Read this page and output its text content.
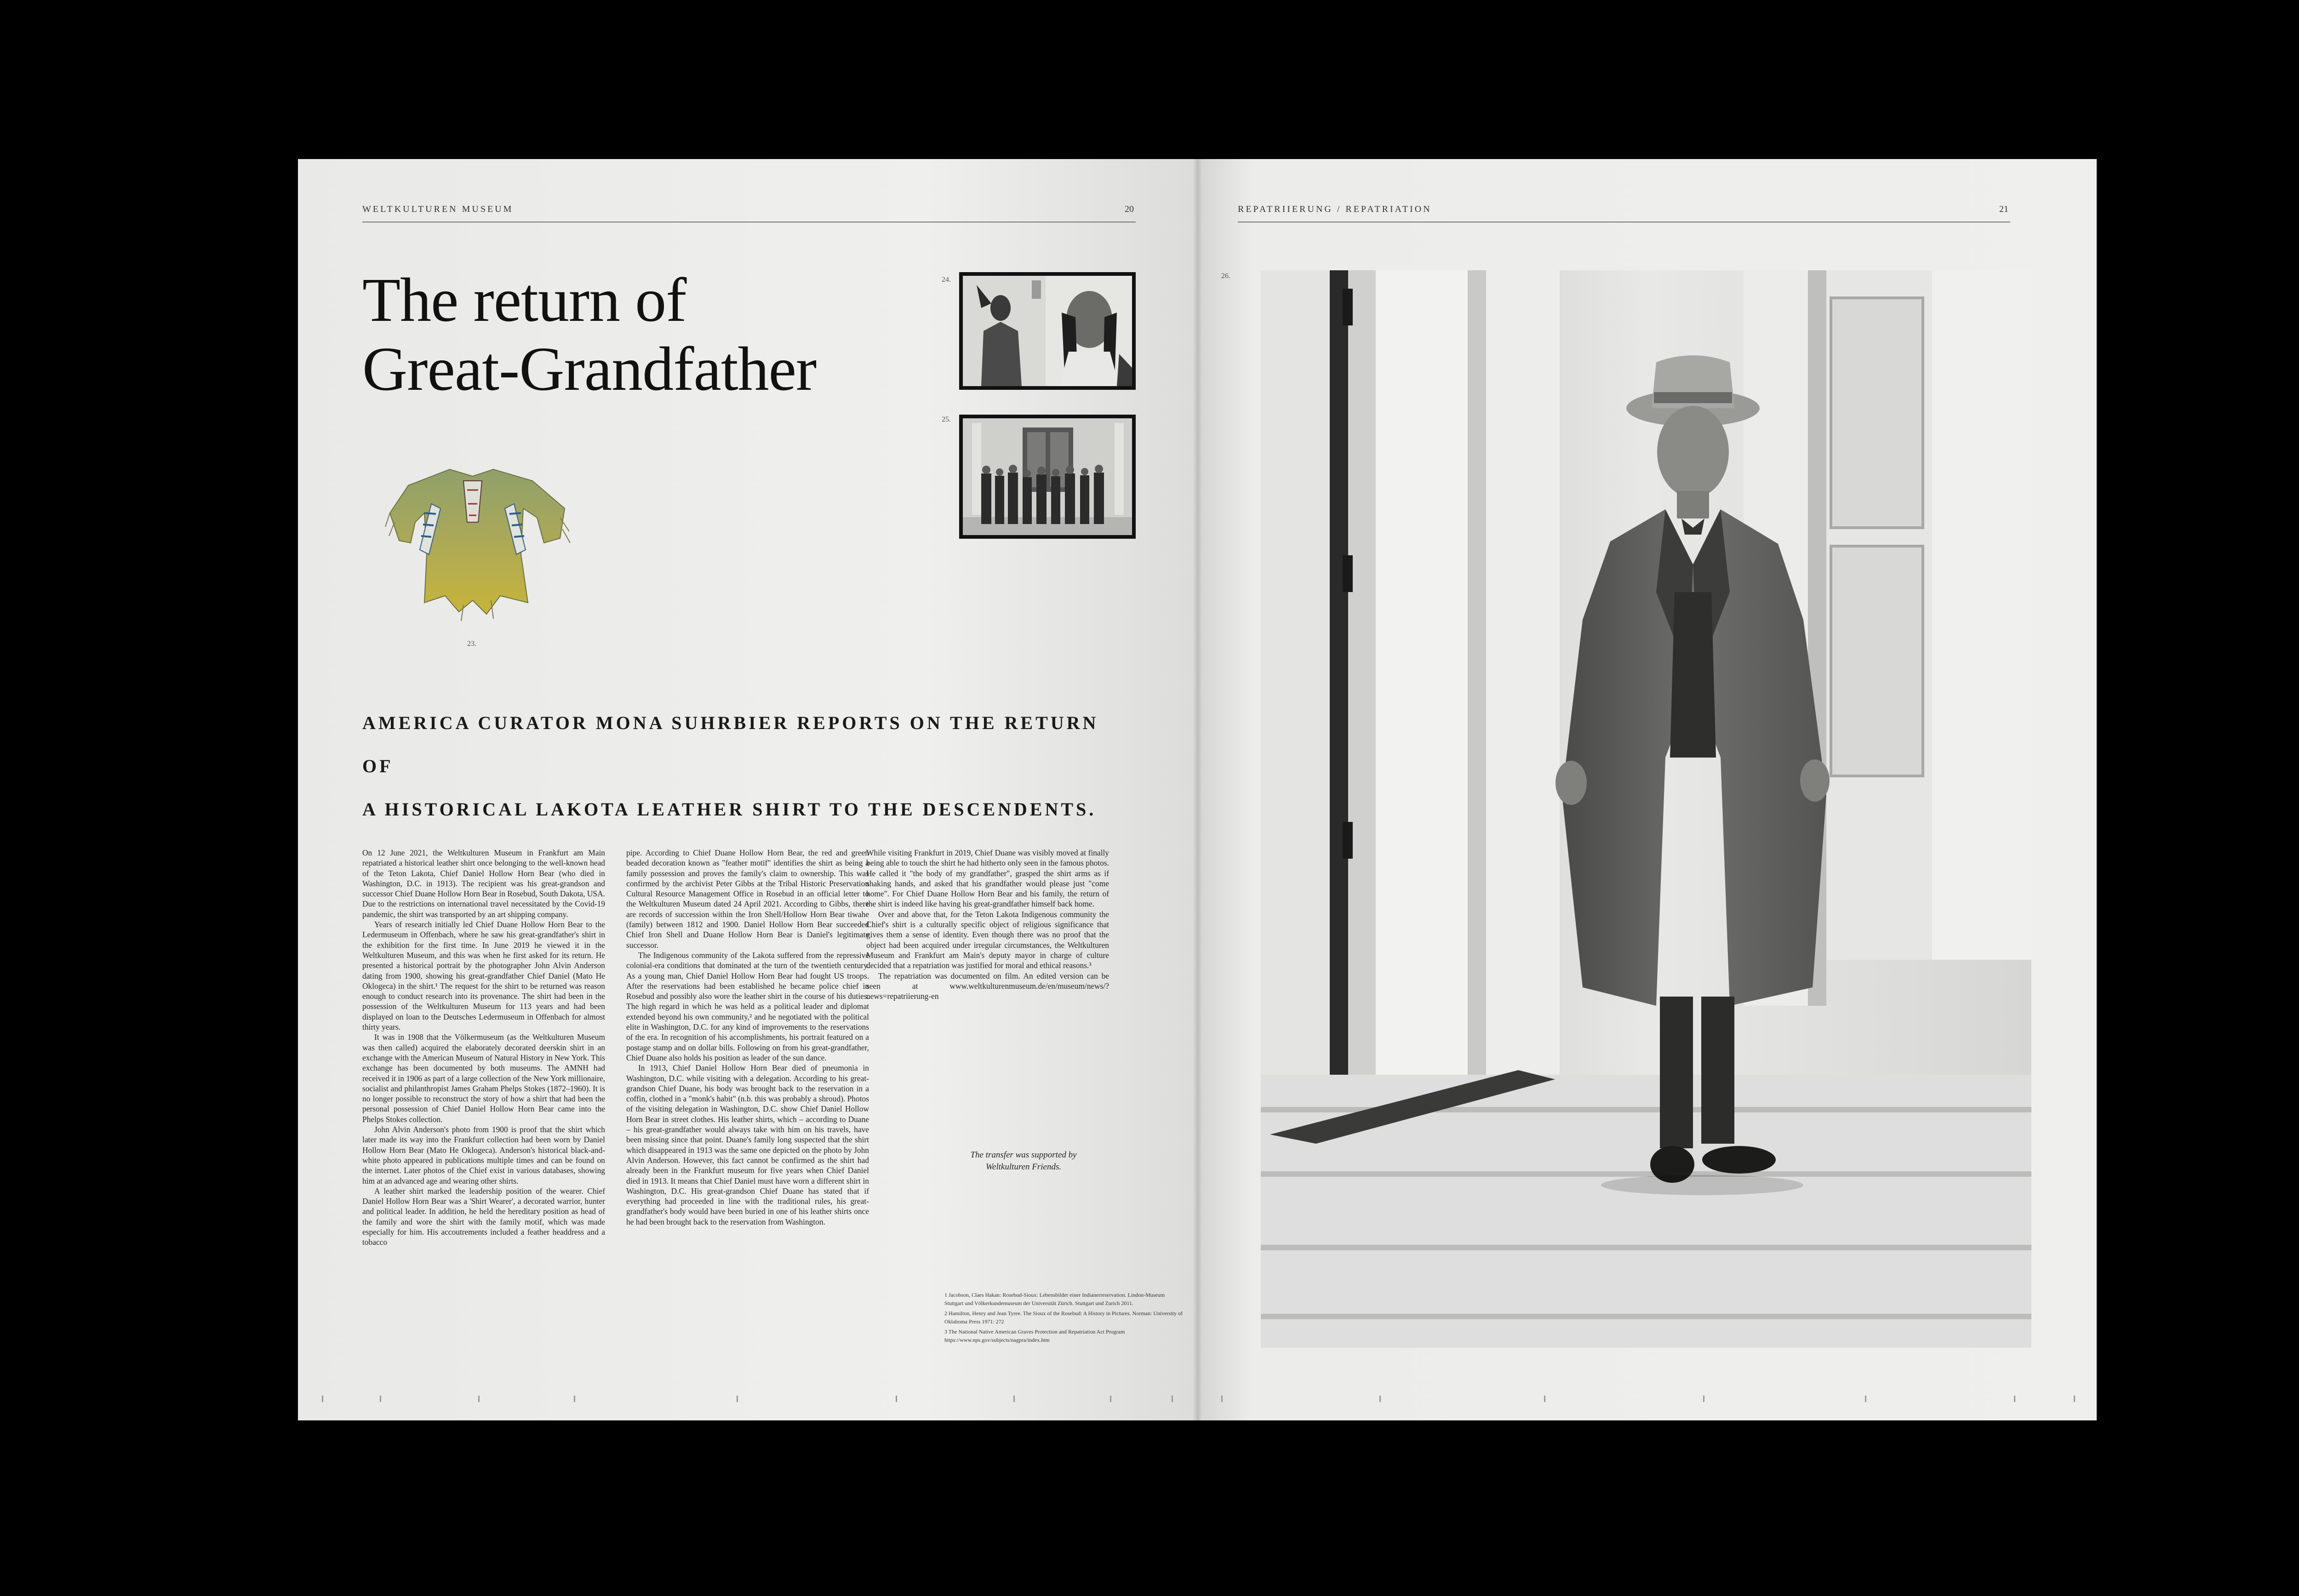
WELTKULTUREN MUSEUM	20
The return of
Great-Grandfather
23.
24.
25.
AMERICA CURATOR MONA SUHRBIER REPORTS ON THE RETURN OF
A HISTORICAL LAKOTA LEATHER SHIRT TO THE DESCENDENTS.

On 12 June 2021, the Weltkulturen Museum in Frankfurt am Main repatriated a historical leather shirt once belonging to the well-known head of the Teton Lakota, Chief Daniel Hollow Horn Bear (who died in Washington, D.C. in 1913). The recipient was his great-grandson and successor Chief Duane Hollow Horn Bear in Rosebud, South Dakota, USA. Due to the restrictions on international travel necessitated by the Covid-19 pandemic, the shirt was transported by an art shipping company.

Years of research initially led Chief Duane Hollow Horn Bear to the Ledermuseum in Offenbach, where he saw his great-grandfather's shirt in the exhibition for the first time. In June 2019 he viewed it in the Weltkulturen Museum, and this was when he first asked for its return. He presented a historical portrait by the photographer John Alvin Anderson dating from 1900, showing his great-grandfather Chief Daniel (Mato He Oklogeca) in the shirt.¹ The request for the shirt to be returned was reason enough to conduct research into its provenance. The shirt had been in the possession of the Weltkulturen Museum for 113 years and had been displayed on loan to the Deutsches Ledermuseum in Offenbach for almost thirty years.

It was in 1908 that the Völkermuseum (as the Weltkulturen Museum was then called) acquired the elaborately decorated deerskin shirt in an exchange with the American Museum of Natural History in New York. This exchange has been documented by both museums. The AMNH had received it in 1906 as part of a large collection of the New York millionaire, socialist and philanthropist James Graham Phelps Stokes (1872–1960). It is no longer possible to reconstruct the story of how a shirt that had been the personal possession of Chief Daniel Hollow Horn Bear came into the Phelps Stokes collection.

John Alvin Anderson's photo from 1900 is proof that the shirt which later made its way into the Frankfurt collection had been worn by Daniel Hollow Horn Bear (Mato He Oklogeca). Anderson's historical black-and-white photo appeared in publications multiple times and can be found on the internet. Later photos of the Chief exist in various databases, showing him at an advanced age and wearing other shirts.

A leather shirt marked the leadership position of the wearer. Chief Daniel Hollow Horn Bear was a 'Shirt Wearer', a decorated warrior, hunter and political leader. In addition, he held the hereditary position as head of the family and wore the shirt with the family motif, which was made especially for him. His accoutrements included a feather headdress and a tobacco

pipe. According to Chief Duane Hollow Horn Bear, the red and green beaded decoration known as "feather motif" identifies the shirt as being a family possession and proves the family's claim to ownership. This was confirmed by the archivist Peter Gibbs at the Tribal Historic Preservation Cultural Resource Management Office in Rosebud in an official letter to the Weltkulturen Museum dated 24 April 2021. According to Gibbs, there are records of succession within the Iron Shell/Hollow Horn Bear tiwahe (family) between 1812 and 1900. Daniel Hollow Horn Bear succeeded Chief Iron Shell and Duane Hollow Horn Bear is Daniel's legitimate successor.

The Indigenous community of the Lakota suffered from the repressive colonial-era conditions that dominated at the turn of the twentieth century. As a young man, Chief Daniel Hollow Horn Bear had fought US troops. After the reservations had been established he became police chief in Rosebud and possibly also wore the leather shirt in the course of his duties. The high regard in which he was held as a political leader and diplomat extended beyond his own community,² and he negotiated with the political elite in Washington, D.C. for any kind of improvements to the reservations of the era. In recognition of his accomplishments, his portrait featured on a postage stamp and on dollar bills. Following on from his great-grandfather, Chief Duane also holds his position as leader of the sun dance.

In 1913, Chief Daniel Hollow Horn Bear died of pneumonia in Washington, D.C. while visiting with a delegation. According to his great-grandson Chief Duane, his body was brought back to the reservation in a coffin, clothed in a "monk's habit" (n.b. this was probably a shroud). Photos of the visiting delegation in Washington, D.C. show Chief Daniel Hollow Horn Bear in street clothes. His leather shirts, which – according to Duane – his great-grandfather would always take with him on his travels, have been missing since that point. Duane's family long suspected that the shirt which disappeared in 1913 was the same one depicted on the photo by John Alvin Anderson. However, this fact cannot be confirmed as the shirt had already been in the Frankfurt museum for five years when Chief Daniel died in 1913. It means that Chief Daniel must have worn a different shirt in Washington, D.C. His great-grandson Chief Duane has stated that if everything had proceeded in line with the traditional rules, his great-grandfather's body would have been buried in one of his leather shirts once he had been brought back to the reservation from Washington.

While visiting Frankfurt in 2019, Chief Duane was visibly moved at finally being able to touch the shirt he had hitherto only seen in the famous photos. He called it "the body of my grandfather", grasped the shirt arms as if shaking hands, and asked that his grandfather would please just "come home". For Chief Duane Hollow Horn Bear and his family, the return of the shirt is indeed like having his great-grandfather himself back home.

Over and above that, for the Teton Lakota Indigenous community the Chief's shirt is a culturally specific object of religious significance that gives them a sense of identity. Even though there was no proof that the object had been acquired under irregular circumstances, the Weltkulturen Museum and Frankfurt am Main's deputy mayor in charge of culture decided that a repatriation was justified for moral and ethical reasons.³

The repatriation was documented on film. An edited version can be seen at www.weltkulturenmuseum.de/en/museum/news/?news=repatriierung-en

The transfer was supported by
Weltkulturen Friends.
1 Jacobson, Claes Hakan: Rosebud-Sioux: Lebensbilder einer Indianerreservation. Lindon-Museum Stuttgart und Völkerkundemuseum der Universität Zürich. Stuttgart und Zurich 2011.
2 Hamilton, Henry and Jean Tyree. The Sioux of the Rosebud: A History in Pictures. Norman: University of Oklahoma Press 1971: 272
3 The National Native American Graves Protection and Repatriation Act Program https://www.nps.gov/subjects/nagpra/index.htm
REPATRIIERUNG / REPATRIATION	21
26.
